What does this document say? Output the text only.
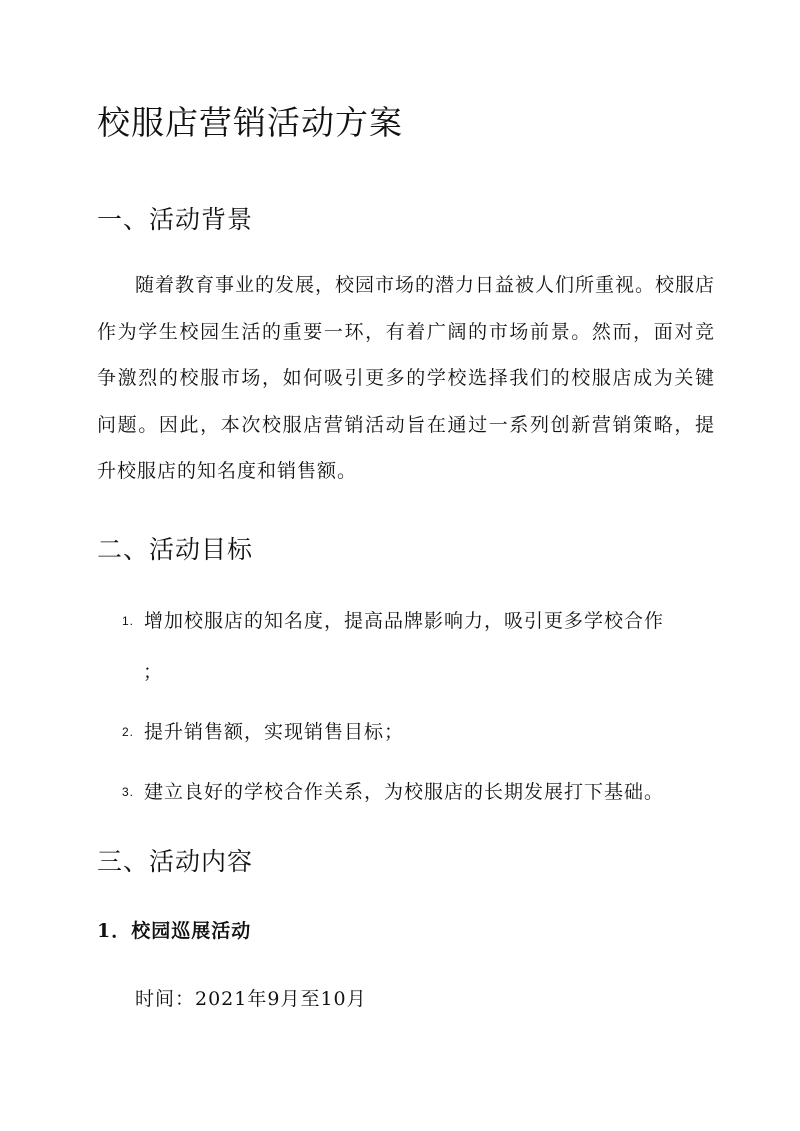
校服店营销活动方案
一、活动背景

随着教育事业的发展，校园市场的潜力日益被人们所重视。校服店作为学生校园生活的重要一环，有着广阔的市场前景。然而，面对竞争激烈的校服市场，如何吸引更多的学校选择我们的校服店成为关键问题。因此，本次校服店营销活动旨在通过一系列创新营销策略，提升校服店的知名度和销售额。

二、活动目标
1. 增加校服店的知名度，提高品牌影响力，吸引更多学校合作
2. 提升销售额，实现销售目标；
3. 建立良好的学校合作关系，为校服店的长期发展打下基础。
；
三、活动内容
1．校园巡展活动

时间：2021年9月至10月
